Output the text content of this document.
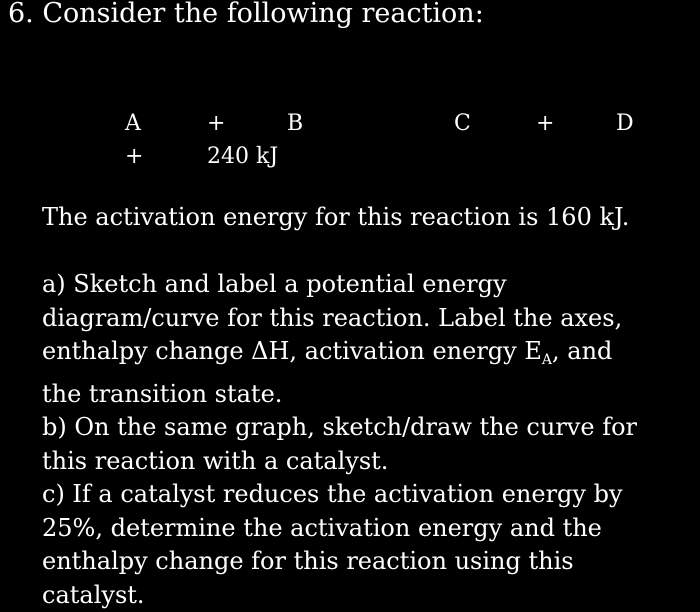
6. Consider the following reaction:
A	+	B	C	+	D
+	240 kJ
The activation energy for this reaction is 160 kJ.
a) Sketch and label a potential energy
diagram/curve for this reaction. Label the axes,
enthalpy change ΔH, activation energy $E_A$, and
the transition state.
b) On the same graph, sketch/draw the curve for
this reaction with a catalyst.
c) If a catalyst reduces the activation energy by
25%, determine the activation energy and the
enthalpy change for this reaction using this
catalyst.
